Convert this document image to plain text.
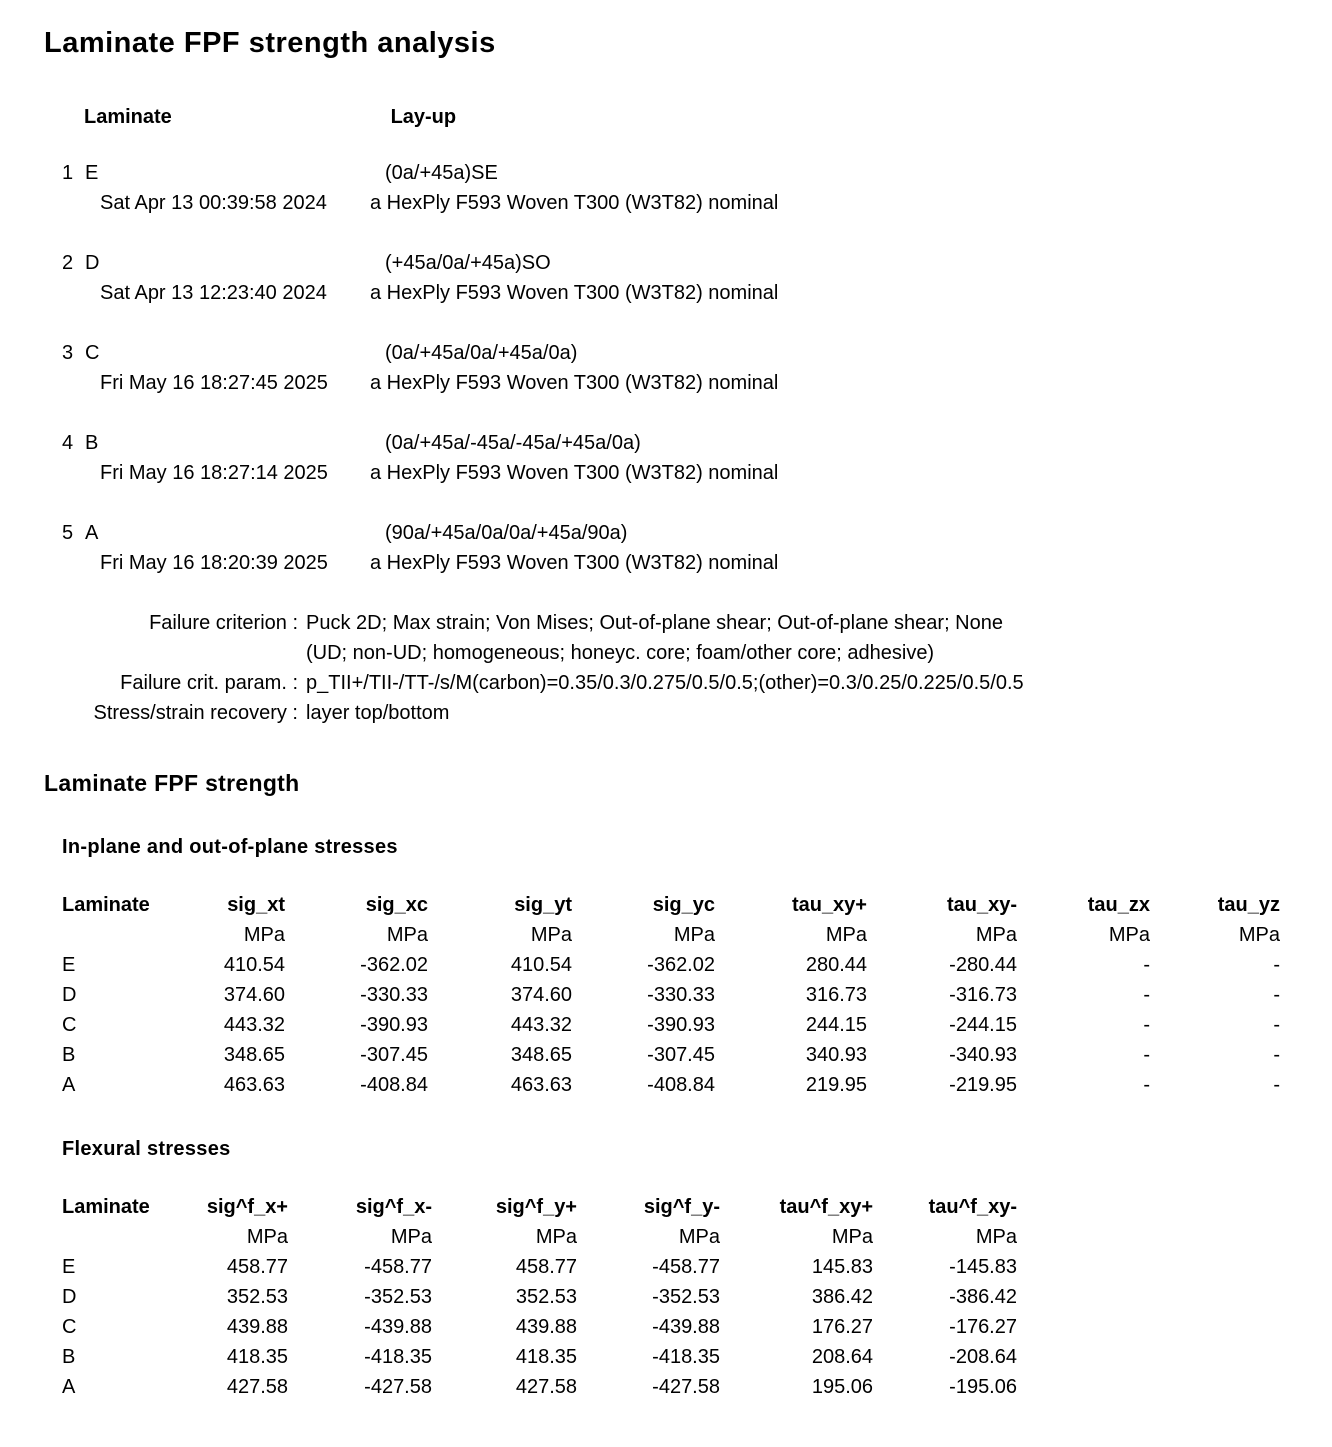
Laminate FPF strength analysis
Laminate	Lay-up
1 E	(0a/+45a)SE
Sat Apr 13 00:39:58 2024	a HexPly F593 Woven T300 (W3T82) nominal
2 D	(+45a/0a/+45a)SO
Sat Apr 13 12:23:40 2024	a HexPly F593 Woven T300 (W3T82) nominal
3 C	(0a/+45a/0a/+45a/0a)
Fri May 16 18:27:45 2025	a HexPly F593 Woven T300 (W3T82) nominal
4 B	(0a/+45a/-45a/-45a/+45a/0a)
Fri May 16 18:27:14 2025	a HexPly F593 Woven T300 (W3T82) nominal
5 A	(90a/+45a/0a/0a/+45a/90a)
Fri May 16 18:20:39 2025	a HexPly F593 Woven T300 (W3T82) nominal
Failure criterion : Puck 2D; Max strain; Von Mises; Out-of-plane shear; Out-of-plane shear; None
(UD; non-UD; homogeneous; honeyc. core; foam/other core; adhesive)
Failure crit. param. : p_TII+/TII-/TT-/s/M(carbon)=0.35/0.3/0.275/0.5/0.5;(other)=0.3/0.25/0.225/0.5/0.5
Stress/strain recovery : layer top/bottom
Laminate FPF strength
In-plane and out-of-plane stresses
Laminate	sig_xt	sig_xc	sig_yt	sig_yc	tau_xy+	tau_xy-	tau_zx	tau_yz
	MPa	MPa	MPa	MPa	MPa	MPa	MPa	MPa
E	410.54	-362.02	410.54	-362.02	280.44	-280.44	-	-
D	374.60	-330.33	374.60	-330.33	316.73	-316.73	-	-
C	443.32	-390.93	443.32	-390.93	244.15	-244.15	-	-
B	348.65	-307.45	348.65	-307.45	340.93	-340.93	-	-
A	463.63	-408.84	463.63	-408.84	219.95	-219.95	-	-
Flexural stresses
Laminate	sig^f_x+	sig^f_x-	sig^f_y+	sig^f_y-	tau^f_xy+	tau^f_xy-
	MPa	MPa	MPa	MPa	MPa	MPa
E	458.77	-458.77	458.77	-458.77	145.83	-145.83
D	352.53	-352.53	352.53	-352.53	386.42	-386.42
C	439.88	-439.88	439.88	-439.88	176.27	-176.27
B	418.35	-418.35	418.35	-418.35	208.64	-208.64
A	427.58	-427.58	427.58	-427.58	195.06	-195.06
